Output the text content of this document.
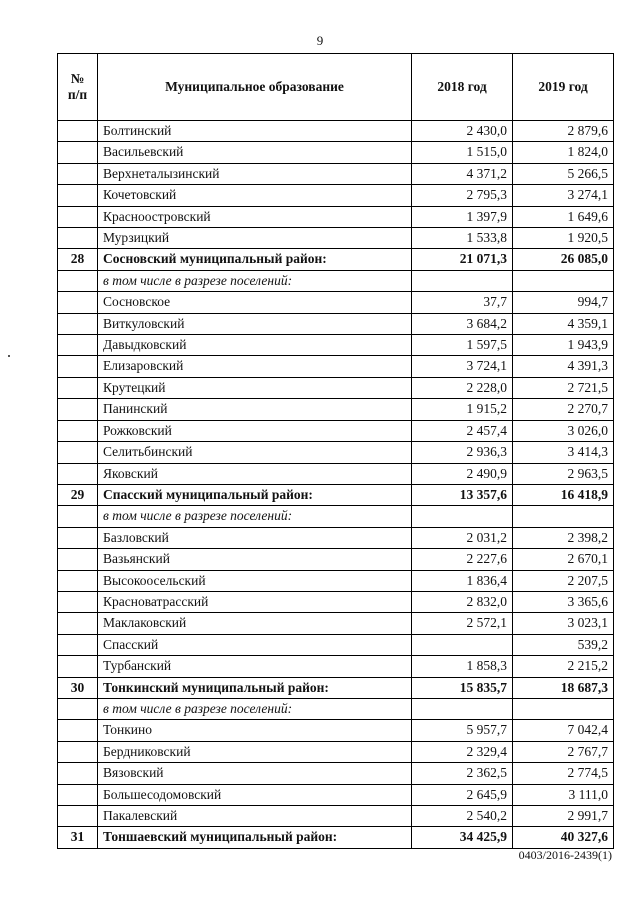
9
№
п/п	Муниципальное образование	2018 год	2019 год
	Болтинский	2 430,0	2 879,6
	Васильевский	1 515,0	1 824,0
	Верхнеталызинский	4 371,2	5 266,5
	Кочетовский	2 795,3	3 274,1
	Краснoостровский	1 397,9	1 649,6
	Мурзицкий	1 533,8	1 920,5
28	Сосновский муниципальный район:	21 071,3	26 085,0
	в том числе в разрезе поселений:		
	Сосновское	37,7	994,7
	Виткуловский	3 684,2	4 359,1
	Давыдковский	1 597,5	1 943,9
	Елизаровский	3 724,1	4 391,3
	Крутецкий	2 228,0	2 721,5
	Панинский	1 915,2	2 270,7
	Рожковский	2 457,4	3 026,0
	Селитьбинский	2 936,3	3 414,3
	Яковский	2 490,9	2 963,5
29	Спасский муниципальный район:	13 357,6	16 418,9
	в том числе в разрезе поселений:		
	Базловский	2 031,2	2 398,2
	Вазьянский	2 227,6	2 670,1
	Высокоосельский	1 836,4	2 207,5
	Красноватрасский	2 832,0	3 365,6
	Маклаковский	2 572,1	3 023,1
	Спасский		539,2
	Турбанский	1 858,3	2 215,2
30	Тонкинский муниципальный район:	15 835,7	18 687,3
	в том числе в разрезе поселений:		
	Тонкино	5 957,7	7 042,4
	Бердниковский	2 329,4	2 767,7
	Вязовский	2 362,5	2 774,5
	Большесодомовский	2 645,9	3 111,0
	Пакалевский	2 540,2	2 991,7
31	Тоншаевский муниципальный район:	34 425,9	40 327,6
0403/2016-2439(1)
